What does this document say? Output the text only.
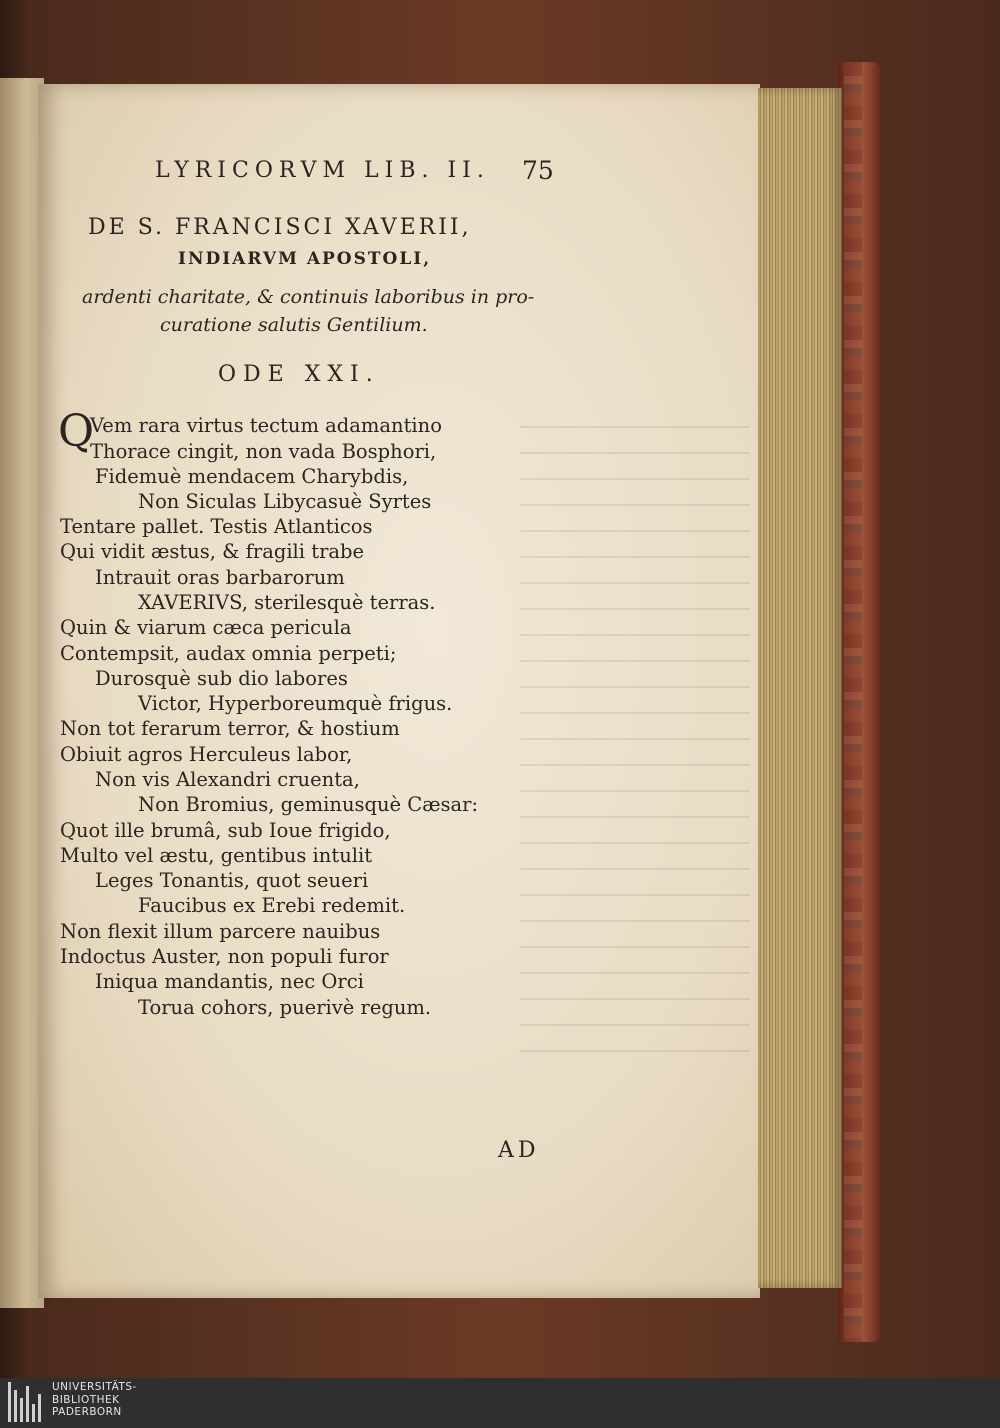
LYRICORVM LIB. II.	75
DE S. FRANCISCI XAVERII,
INDIARVM APOSTOLI,
ardenti charitate, & continuis laboribus in pro-
curatione salutis Gentilium.
ODE XXI.
Q
Vem rara virtus tectum adamantino
Thorace cingit, non vada Bosphori,
Fidemuè mendacem Charybdis,
Non Siculas Libycasuè Syrtes
Tentare pallet. Testis Atlanticos
Qui vidit æstus, & fragili trabe
Intrauit oras barbarorum
XAVERIVS, sterilesquè terras.
Quin & viarum cæca pericula
Contempsit, audax omnia perpeti;
Durosquè sub dio labores
Victor, Hyperboreumquè frigus.
Non tot ferarum terror, & hostium
Obiuit agros Herculeus labor,
Non vis Alexandri cruenta,
Non Bromius, geminusquè Cæsar:
Quot ille brumâ, sub Ioue frigido,
Multo vel æstu, gentibus intulit
Leges Tonantis, quot seueri
Faucibus ex Erebi redemit.
Non flexit illum parcere nauibus
Indoctus Auster, non populi furor
Iniqua mandantis, nec Orci
Torua cohors, puerivè regum.
AD
UNIVERSITÄTS-
BIBLIOTHEK
PADERBORN
